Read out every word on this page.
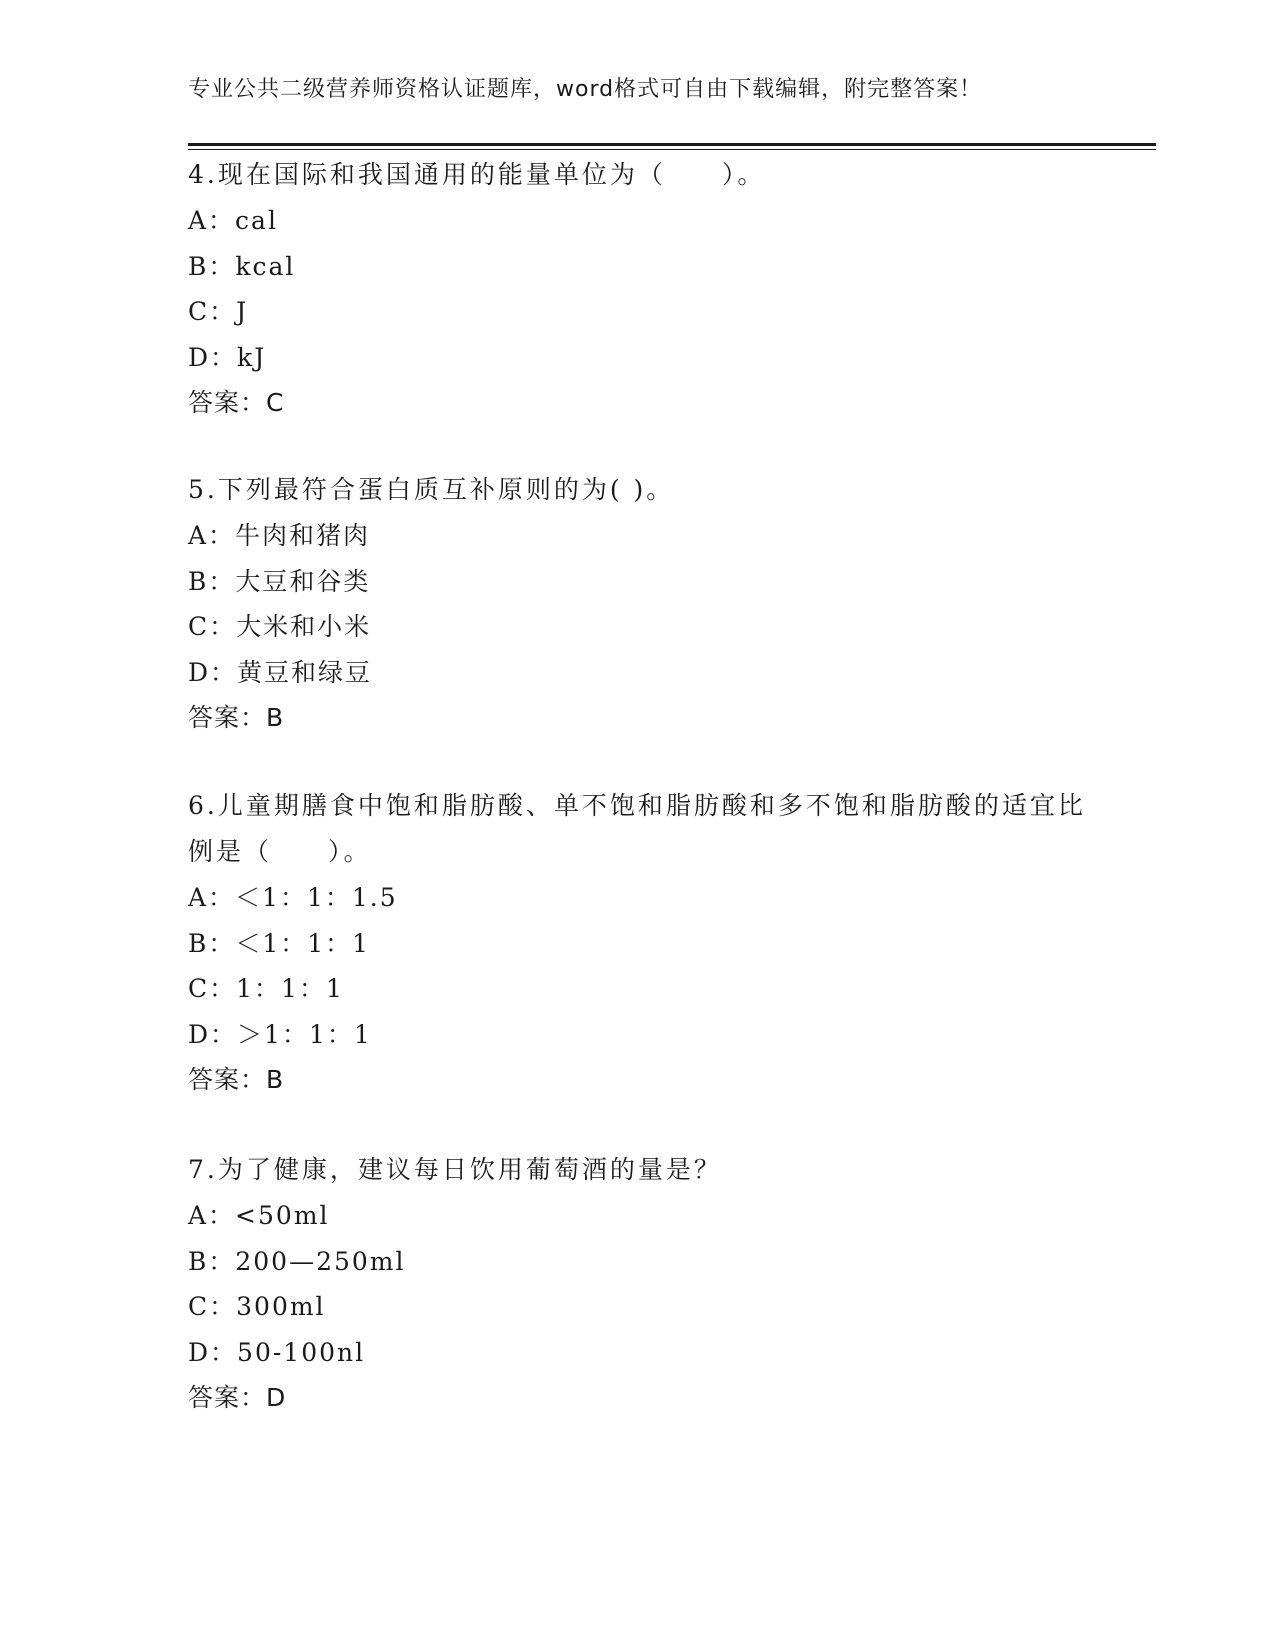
专业公共二级营养师资格认证题库，word格式可自由下载编辑，附完整答案！

4.现在国际和我国通用的能量单位为（　　）。

A：cal

B：kcal

C：J

D：kJ

答案：C

5.下列最符合蛋白质互补原则的为( )。

A：牛肉和猪肉

B：大豆和谷类

C：大米和小米

D：黄豆和绿豆

答案：B

6.儿童期膳食中饱和脂肪酸、单不饱和脂肪酸和多不饱和脂肪酸的适宜比例是（　　）。

A：＜1：1：1.5

B：＜1：1：1

C：1：1：1

D：＞1：1：1

答案：B

7.为了健康，建议每日饮用葡萄酒的量是？

A：<50ml

B：200—250ml

C：300ml

D：50-100nl

答案：D
